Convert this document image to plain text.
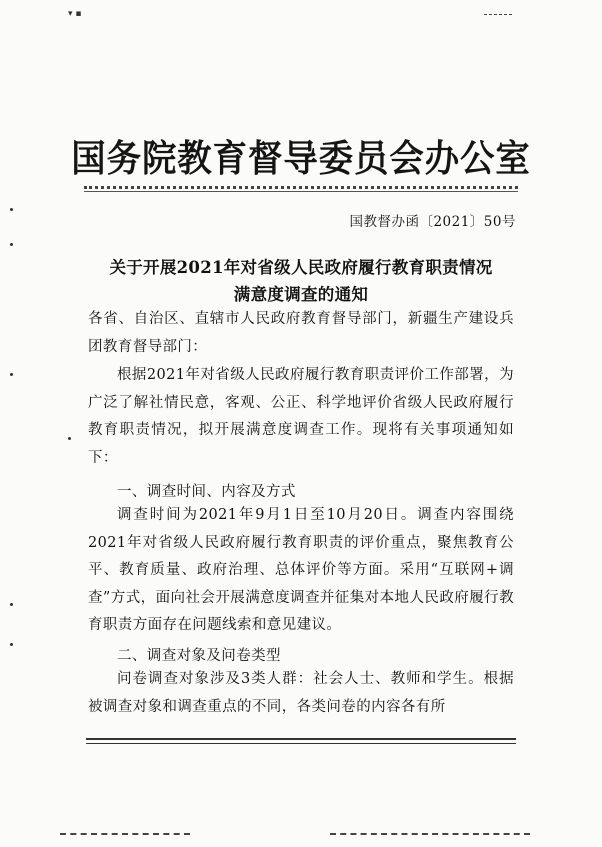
▾ ▪
国务院教育督导委员会办公室
国教督办函〔2021〕50号
关于开展2021年对省级人民政府履行教育职责情况
满意度调查的通知

各省、自治区、直辖市人民政府教育督导部门，新疆生产建设兵团教育督导部门：

根据2021年对省级人民政府履行教育职责评价工作部署，为广泛了解社情民意，客观、公正、科学地评价省级人民政府履行教育职责情况，拟开展满意度调查工作。现将有关事项通知如下：

一、调查时间、内容及方式

调查时间为2021年9月1日至10月20日。调查内容围绕2021年对省级人民政府履行教育职责的评价重点，聚焦教育公平、教育质量、政府治理、总体评价等方面。采用“互联网+调查”方式，面向社会开展满意度调查并征集对本地人民政府履行教育职责方面存在问题线索和意见建议。

二、调查对象及问卷类型

问卷调查对象涉及3类人群：社会人士、教师和学生。根据被调查对象和调查重点的不同，各类问卷的内容各有所
